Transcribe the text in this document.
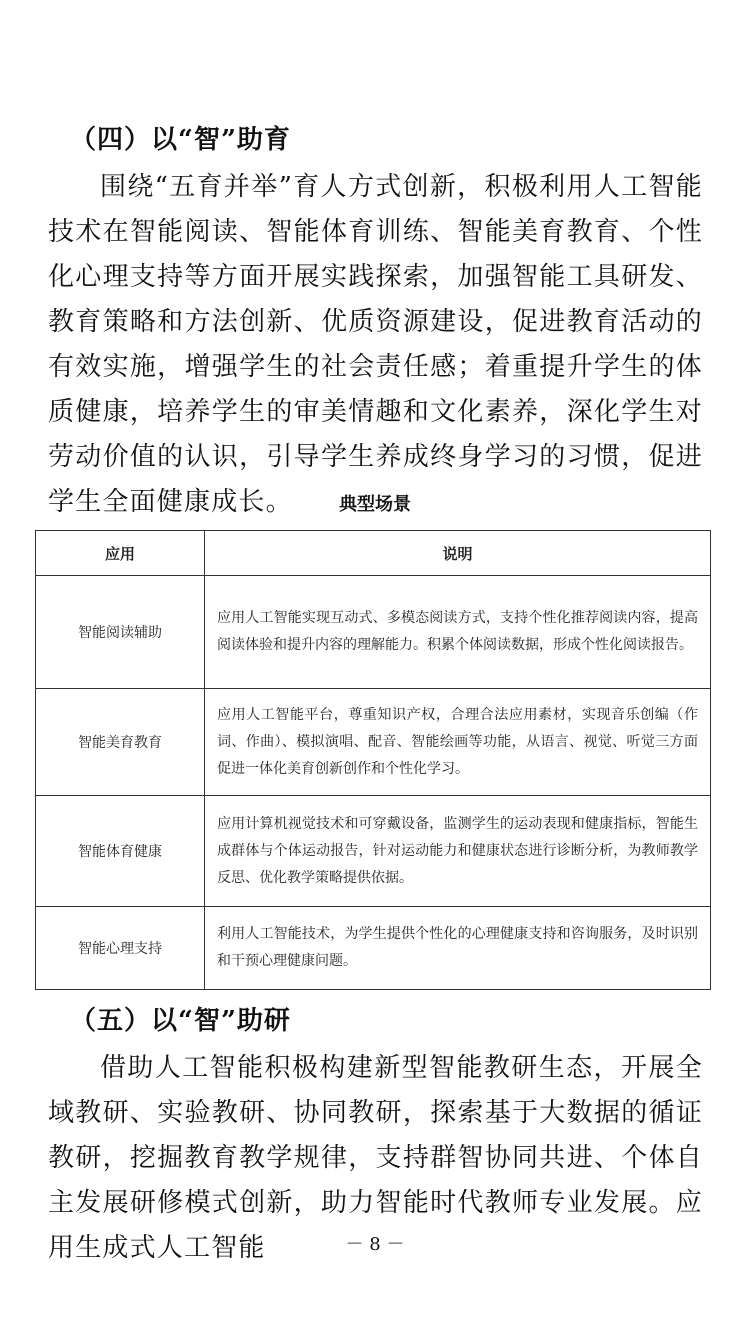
（四）以“智”助育

围绕“五育并举”育人方式创新，积极利用人工智能技术在智能阅读、智能体育训练、智能美育教育、个性化心理支持等方面开展实践探索，加强智能工具研发、教育策略和方法创新、优质资源建设，促进教育活动的有效实施，增强学生的社会责任感；着重提升学生的体质健康，培养学生的审美情趣和文化素养，深化学生对劳动价值的认识，引导学生养成终身学习的习惯，促进学生全面健康成长。	典型场景
应用	说明
智能阅读辅助	应用人工智能实现互动式、多模态阅读方式，支持个性化推荐阅读内容，提高阅读体验和提升内容的理解能力。积累个体阅读数据，形成个性化阅读报告。
智能美育教育	应用人工智能平台，尊重知识产权，合理合法应用素材，实现音乐创编（作词、作曲）、模拟演唱、配音、智能绘画等功能，从语言、视觉、听觉三方面促进一体化美育创新创作和个性化学习。
智能体育健康	应用计算机视觉技术和可穿戴设备，监测学生的运动表现和健康指标，智能生成群体与个体运动报告，针对运动能力和健康状态进行诊断分析，为教师教学反思、优化教学策略提供依据。
智能心理支持	利用人工智能技术，为学生提供个性化的心理健康支持和咨询服务，及时识别和干预心理健康问题。
（五）以“智”助研

借助人工智能积极构建新型智能教研生态，开展全域教研、实验教研、协同教研，探索基于大数据的循证教研，挖掘教育教学规律，支持群智协同共进、个体自主发展研修模式创新，助力智能时代教师专业发展。应用生成式人工智能	－ 8 －
